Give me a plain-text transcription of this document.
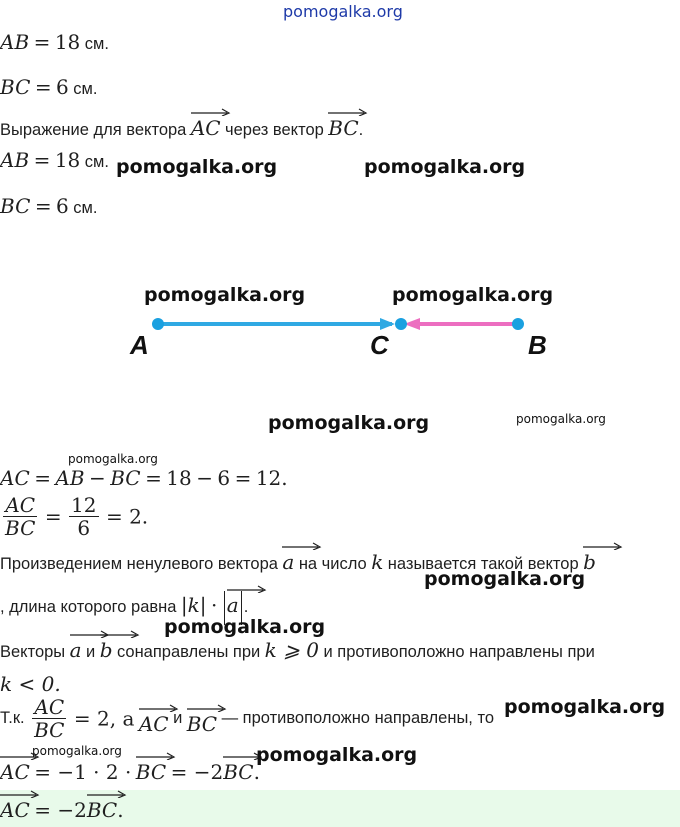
pomogalka.org
AB = 18 см.
BC = 6 см.
Выражение для вектора AC через вектор BC.
AB = 18 см.
BC = 6 см.
A	C	B
AC = AB − BC = 18 − 6 = 12.
$\frac{AC}{BC} = \frac{12}{6} = 2$.
Произведением ненулевого вектора a на число k называется такой вектор b
, длина которого равна |k| · a .
Векторы a и b сонаправлены при k ⩾ 0 и противоположно направлены при
k < 0.
Т.к. $\frac{AC}{BC} = 2$, а AC и BC — противоположно направлены, то
AC = −1 · 2 · BC = −2
BC.
AC = −2
BC.
pomogalka.org	pomogalka.org
pomogalka.org	pomogalka.org
pomogalka.org	pomogalka.org
pomogalka.org
pomogalka.org
pomogalka.org
pomogalka.org
pomogalka.org	pomogalka.org
